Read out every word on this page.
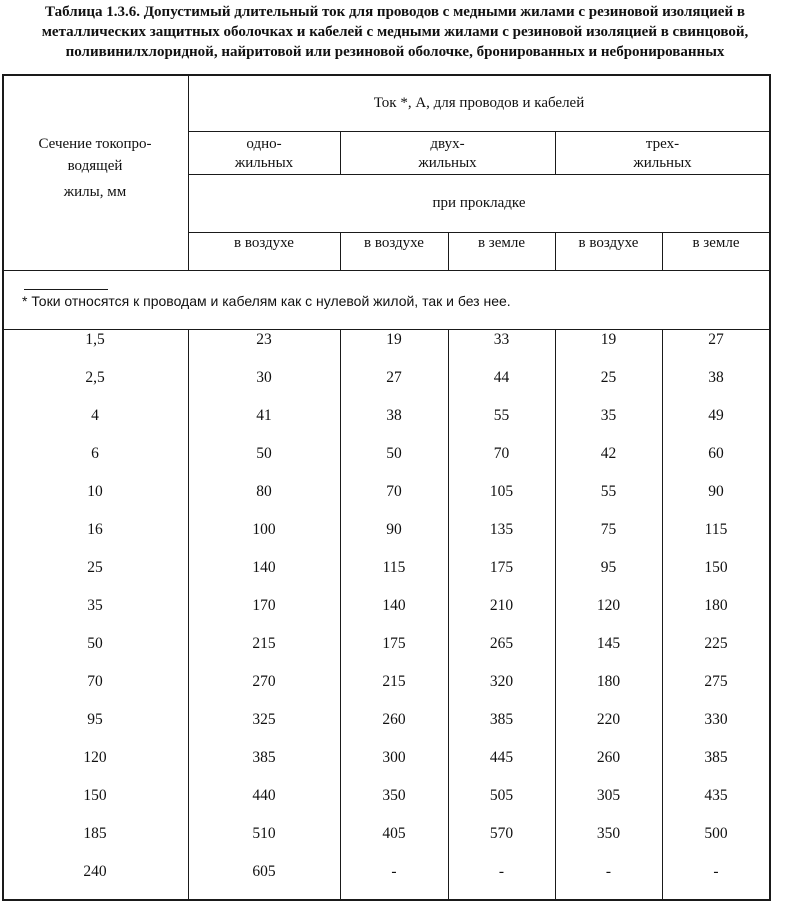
Таблица 1.3.6. Допустимый длительный ток для проводов с медными жилами с резиновой изоляцией в металлических защитных оболочках и кабелей с медными жилами с резиновой изоляцией в свинцовой, поливинилхлоридной, найритовой или резиновой оболочке, бронированных и небронированных
Сечение токопро-
водящей
жилы, мм
Ток *, А, для проводов и кабелей
одно-
жильных
двух-
жильных
трех-
жильных
при прокладке
в воздухе	в воздухе	в земле	в воздухе	в земле
* Токи относятся к проводам и кабелям как с нулевой жилой, так и без нее.
1,5	23	19	33	19	27
2,5	30	27	44	25	38
4	41	38	55	35	49
6	50	50	70	42	60
10	80	70	105	55	90
16	100	90	135	75	115
25	140	115	175	95	150
35	170	140	210	120	180
50	215	175	265	145	225
70	270	215	320	180	275
95	325	260	385	220	330
120	385	300	445	260	385
150	440	350	505	305	435
185	510	405	570	350	500
240	605	-	-	-	-
